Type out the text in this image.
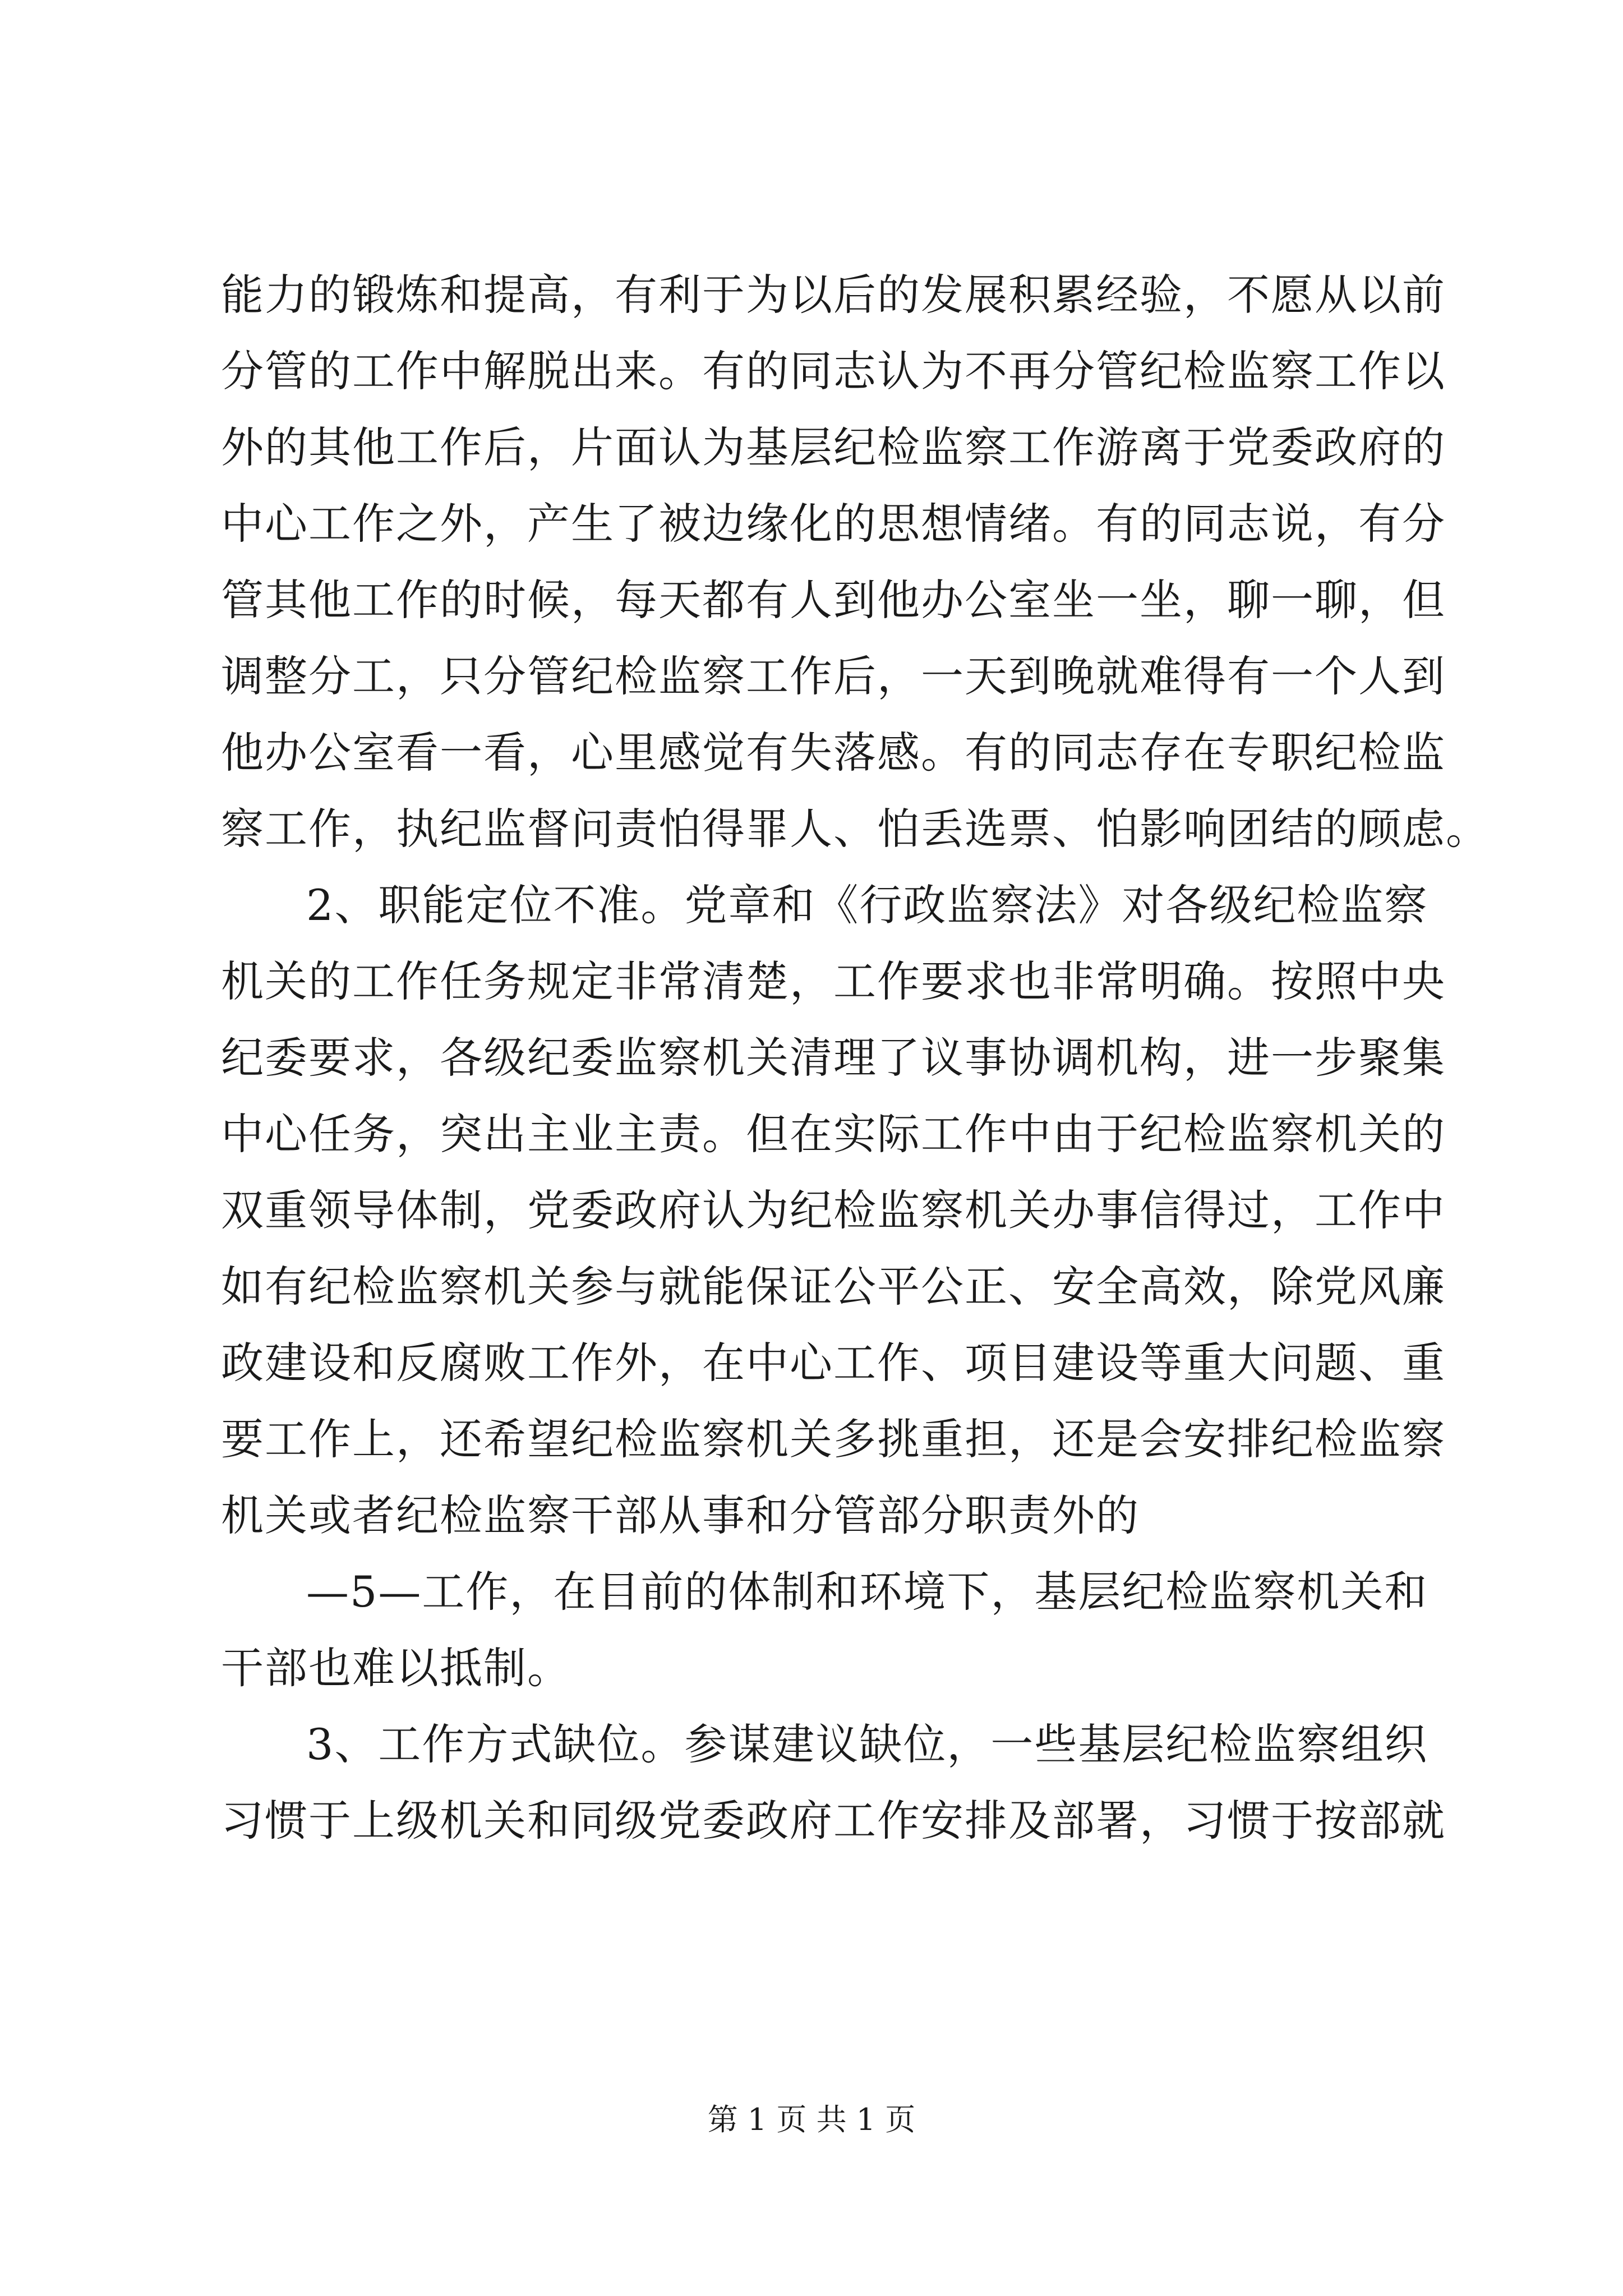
能力的锻炼和提高，有利于为以后的发展积累经验，不愿从以前
分管的工作中解脱出来。有的同志认为不再分管纪检监察工作以
外的其他工作后，片面认为基层纪检监察工作游离于党委政府的
中心工作之外，产生了被边缘化的思想情绪。有的同志说，有分
管其他工作的时候，每天都有人到他办公室坐一坐，聊一聊，但
调整分工，只分管纪检监察工作后，一天到晚就难得有一个人到
他办公室看一看，心里感觉有失落感。有的同志存在专职纪检监
察工作，执纪监督问责怕得罪人、怕丢选票、怕影响团结的顾虑。
2、职能定位不准。党章和《行政监察法》对各级纪检监察
机关的工作任务规定非常清楚，工作要求也非常明确。按照中央
纪委要求，各级纪委监察机关清理了议事协调机构，进一步聚集
中心任务，突出主业主责。但在实际工作中由于纪检监察机关的
双重领导体制，党委政府认为纪检监察机关办事信得过，工作中
如有纪检监察机关参与就能保证公平公正、安全高效，除党风廉
政建设和反腐败工作外，在中心工作、项目建设等重大问题、重
要工作上，还希望纪检监察机关多挑重担，还是会安排纪检监察
机关或者纪检监察干部从事和分管部分职责外的
—5—工作，在目前的体制和环境下，基层纪检监察机关和
干部也难以抵制。
3、工作方式缺位。参谋建议缺位，一些基层纪检监察组织
习惯于上级机关和同级党委政府工作安排及部署，习惯于按部就
第 1 页 共 1 页
